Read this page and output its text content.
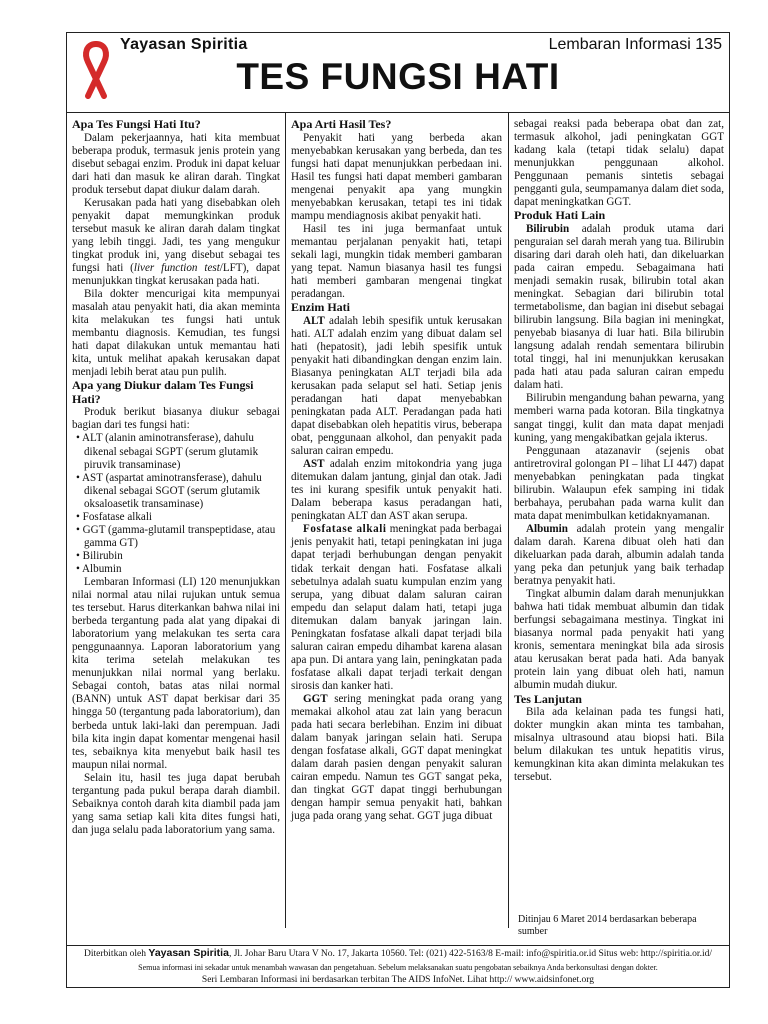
Yayasan Spiritia	Lembaran Informasi 135
TES FUNGSI HATI
Apa Tes Fungsi Hati Itu?

Dalam pekerjaannya, hati kita membuat beberapa produk, termasuk jenis protein yang disebut sebagai enzim. Produk ini dapat keluar dari hati dan masuk ke aliran darah. Tingkat produk tersebut dapat diukur dalam darah.

Kerusakan pada hati yang disebabkan oleh penyakit dapat memungkinkan produk tersebut masuk ke aliran darah dalam tingkat yang lebih tinggi. Jadi, tes yang mengukur tingkat produk ini, yang disebut sebagai tes fungsi hati (liver function test/LFT), dapat menunjukkan tingkat kerusakan pada hati.

Bila dokter mencurigai kita mempunyai masalah atau penyakit hati, dia akan meminta kita melakukan tes fungsi hati untuk membantu diagnosis. Kemudian, tes fungsi hati dapat dilakukan untuk memantau hati kita, untuk melihat apakah kerusakan dapat menjadi lebih berat atau pun pulih.

Apa yang Diukur dalam Tes Fungsi Hati?

Produk berikut biasanya diukur sebagai bagian dari tes fungsi hati:

• ALT (alanin aminotransferase), dahulu dikenal sebagai SGPT (serum glutamik piruvik transaminase)
• AST (aspartat aminotransferase), dahulu dikenal sebagai SGOT (serum glutamik oksaloasetik transaminase)
• Fosfatase alkali
• GGT (gamma-glutamil transpeptidase, atau gamma GT)
• Bilirubin
• Albumin

Lembaran Informasi (LI) 120 menunjukkan nilai normal atau nilai rujukan untuk semua tes tersebut. Harus diterkankan bahwa nilai ini berbeda tergantung pada alat yang dipakai di laboratorium yang melakukan tes serta cara penggunaannya. Laporan laboratorium yang kita terima setelah melakukan tes menunjukkan nilai normal yang berlaku. Sebagai contoh, batas atas nilai normal (BANN) untuk AST dapat berkisar dari 35 hingga 50 (tergantung pada laboratorium), dan berbeda untuk laki-laki dan perempuan. Jadi bila kita ingin dapat komentar mengenai hasil tes, sebaiknya kita menyebut baik hasil tes maupun nilai normal.

Selain itu, hasil tes juga dapat berubah tergantung pada pukul berapa darah diambil. Sebaiknya contoh darah kita diambil pada jam yang sama setiap kali kita dites fungsi hati, dan juga selalu pada laboratorium yang sama.

Apa Arti Hasil Tes?

Penyakit hati yang berbeda akan menyebabkan kerusakan yang berbeda, dan tes fungsi hati dapat menunjukkan perbedaan ini. Hasil tes fungsi hati dapat memberi gambaran mengenai penyakit apa yang mungkin menyebabkan kerusakan, tetapi tes ini tidak mampu mendiagnosis akibat penyakit hati.

Hasil tes ini juga bermanfaat untuk memantau perjalanan penyakit hati, tetapi sekali lagi, mungkin tidak memberi gambaran yang tepat. Namun biasanya hasil tes fungsi hati memberi gambaran mengenai tingkat peradangan.

Enzim Hati

ALT adalah lebih spesifik untuk kerusakan hati. ALT adalah enzim yang dibuat dalam sel hati (hepatosit), jadi lebih spesifik untuk penyakit hati dibandingkan dengan enzim lain. Biasanya peningkatan ALT terjadi bila ada kerusakan pada selaput sel hati. Setiap jenis peradangan hati dapat menyebabkan peningkatan pada ALT. Peradangan pada hati dapat disebabkan oleh hepatitis virus, beberapa obat, penggunaan alkohol, dan penyakit pada saluran cairan empedu.

AST adalah enzim mitokondria yang juga ditemukan dalam jantung, ginjal dan otak. Jadi tes ini kurang spesifik untuk penyakit hati. Dalam beberapa kasus peradangan hati, peningkatan ALT dan AST akan serupa.

Fosfatase alkali meningkat pada berbagai jenis penyakit hati, tetapi peningkatan ini juga dapat terjadi berhubungan dengan penyakit tidak terkait dengan hati. Fosfatase alkali sebetulnya adalah suatu kumpulan enzim yang serupa, yang dibuat dalam saluran cairan empedu dan selaput dalam hati, tetapi juga ditemukan dalam banyak jaringan lain. Peningkatan fosfatase alkali dapat terjadi bila saluran cairan empedu dihambat karena alasan apa pun. Di antara yang lain, peningkatan pada fosfatase alkali dapat terjadi terkait dengan sirosis dan kanker hati.

GGT sering meningkat pada orang yang memakai alkohol atau zat lain yang beracun pada hati secara berlebihan. Enzim ini dibuat dalam banyak jaringan selain hati. Serupa dengan fosfatase alkali, GGT dapat meningkat dalam darah pasien dengan penyakit saluran cairan empedu. Namun tes GGT sangat peka, dan tingkat GGT dapat tinggi berhubungan dengan hampir semua penyakit hati, bahkan juga pada orang yang sehat. GGT juga dibuat

sebagai reaksi pada beberapa obat dan zat, termasuk alkohol, jadi peningkatan GGT kadang kala (tetapi tidak selalu) dapat menunjukkan penggunaan alkohol. Penggunaan pemanis sintetis sebagai pengganti gula, seumpamanya dalam diet soda, dapat meningkatkan GGT.

Produk Hati Lain

Bilirubin adalah produk utama dari penguraian sel darah merah yang tua. Bilirubin disaring dari darah oleh hati, dan dikeluarkan pada cairan empedu. Sebagaimana hati menjadi semakin rusak, bilirubin total akan meningkat. Sebagian dari bilirubin total termetabolisme, dan bagian ini disebut sebagai bilirubin langsung. Bila bagian ini meningkat, penyebab biasanya di luar hati. Bila bilirubin langsung adalah rendah sementara bilirubin total tinggi, hal ini menunjukkan kerusakan pada hati atau pada saluran cairan empedu dalam hati.

Bilirubin mengandung bahan pewarna, yang memberi warna pada kotoran. Bila tingkatnya sangat tinggi, kulit dan mata dapat menjadi kuning, yang mengakibatkan gejala ikterus.

Penggunaan atazanavir (sejenis obat antiretroviral golongan PI – lihat LI 447) dapat menyebabkan peningkatan pada tingkat bilirubin. Walaupun efek samping ini tidak berbahaya, perubahan pada warna kulit dan mata dapat menimbulkan ketidaknyamanan.

Albumin adalah protein yang mengalir dalam darah. Karena dibuat oleh hati dan dikeluarkan pada darah, albumin adalah tanda yang peka dan petunjuk yang baik terhadap beratnya penyakit hati.

Tingkat albumin dalam darah menunjukkan bahwa hati tidak membuat albumin dan tidak berfungsi sebagaimana mestinya. Tingkat ini biasanya normal pada penyakit hati yang kronis, sementara meningkat bila ada sirosis atau kerusakan berat pada hati. Ada banyak protein lain yang dibuat oleh hati, namun albumin mudah diukur.

Tes Lanjutan

Bila ada kelainan pada tes fungsi hati, dokter mungkin akan minta tes tambahan, misalnya ultrasound atau biopsi hati. Bila belum dilakukan tes untuk hepatitis virus, kemungkinan kita akan diminta melakukan tes tersebut.

Ditinjau 6 Maret 2014 berdasarkan beberapa sumber
Diterbitkan oleh Yayasan Spiritia, Jl. Johar Baru Utara V No. 17, Jakarta 10560. Tel: (021) 422-5163/8 E-mail: info@spiritia.or.id Situs web: http://spiritia.or.id/
Semua informasi ini sekadar untuk menambah wawasan dan pengetahuan. Sebelum melaksanakan suatu pengobatan sebaiknya Anda berkonsultasi dengan dokter.
Seri Lembaran Informasi ini berdasarkan terbitan The AIDS InfoNet. Lihat http:// www.aidsinfonet.org
